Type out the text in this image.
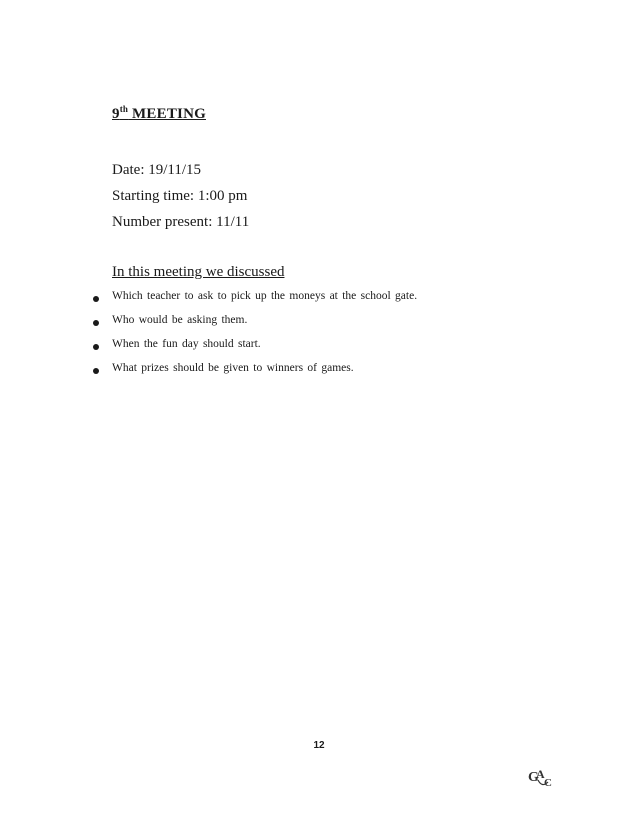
9th MEETING
Date: 19/11/15
Starting time: 1:00 pm
Number present: 11/11
In this meeting we discussed
Which teacher to ask to pick up the moneys at the school gate.
Who would be asking them.
When the fun day should start.
What prizes should be given to winners of games.
12
G
A
C
